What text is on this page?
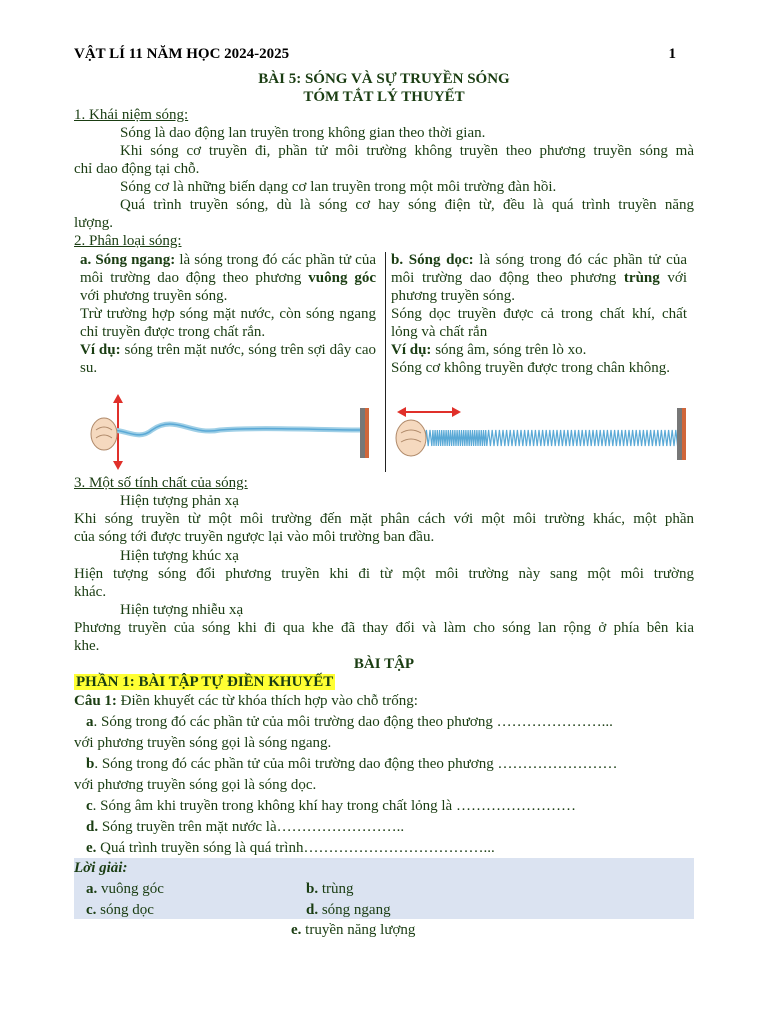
VẬT LÍ 11 NĂM HỌC 2024-2025	1
BÀI 5: SÓNG VÀ SỰ TRUYỀN SÓNG
TÓM TẮT LÝ THUYẾT
1. Khái niệm sóng:
Sóng là dao động lan truyền trong không gian theo thời gian.
Khi sóng cơ truyền đi, phần tử môi trường không truyền theo phương truyền sóng mà
chỉ dao động tại chỗ.
Sóng cơ là những biến dạng cơ lan truyền trong một môi trường đàn hồi.
Quá trình truyền sóng, dù là sóng cơ hay sóng điện từ, đều là quá trình truyền năng
lượng.
2. Phân loại sóng:

a. Sóng ngang: là sóng trong đó các phần tử của môi trường dao động theo phương vuông góc với phương truyền sóng.

Trừ trường hợp sóng mặt nước, còn sóng ngang chỉ truyền được trong chất rắn.

Ví dụ: sóng trên mặt nước, sóng trên sợi dây cao su.

b. Sóng dọc: là sóng trong đó các phần tử của môi trường dao động theo phương trùng với phương truyền sóng.

Sóng dọc truyền được cả trong chất khí, chất lỏng và chất rắn

Ví dụ: sóng âm, sóng trên lò xo.

Sóng cơ không truyền được trong chân không.

3. Một số tính chất của sóng:
Hiện tượng phản xạ
Khi sóng truyền từ một môi trường đến mặt phân cách với một môi trường khác, một phần
của sóng tới được truyền ngược lại vào môi trường ban đầu.
Hiện tượng khúc xạ
Hiện tượng sóng đổi phương truyền khi đi từ một môi trường này sang một môi trường
khác.
Hiện tượng nhiễu xạ
Phương truyền của sóng khi đi qua khe đã thay đổi và làm cho sóng lan rộng ở phía bên kia
khe.
BÀI TẬP
PHẦN 1: BÀI TẬP TỰ ĐIỀN KHUYẾT
Câu 1: Điền khuyết các từ khóa thích hợp vào chỗ trống:
a. Sóng trong đó các phần tử của môi trường dao động theo phương …………………...
với phương truyền sóng gọi là sóng ngang.
b. Sóng trong đó các phần tử của môi trường dao động theo phương ……………………
với phương truyền sóng gọi là sóng dọc.
c. Sóng âm khi truyền trong không khí hay trong chất lỏng là ……………………
d. Sóng truyền trên mặt nước là……………………..
e. Quá trình truyền sóng là quá trình………………………………...
Lời giải:
a. vuông góc	b. trùng
c. sóng dọc	d. sóng ngang
e. truyền năng lượng
